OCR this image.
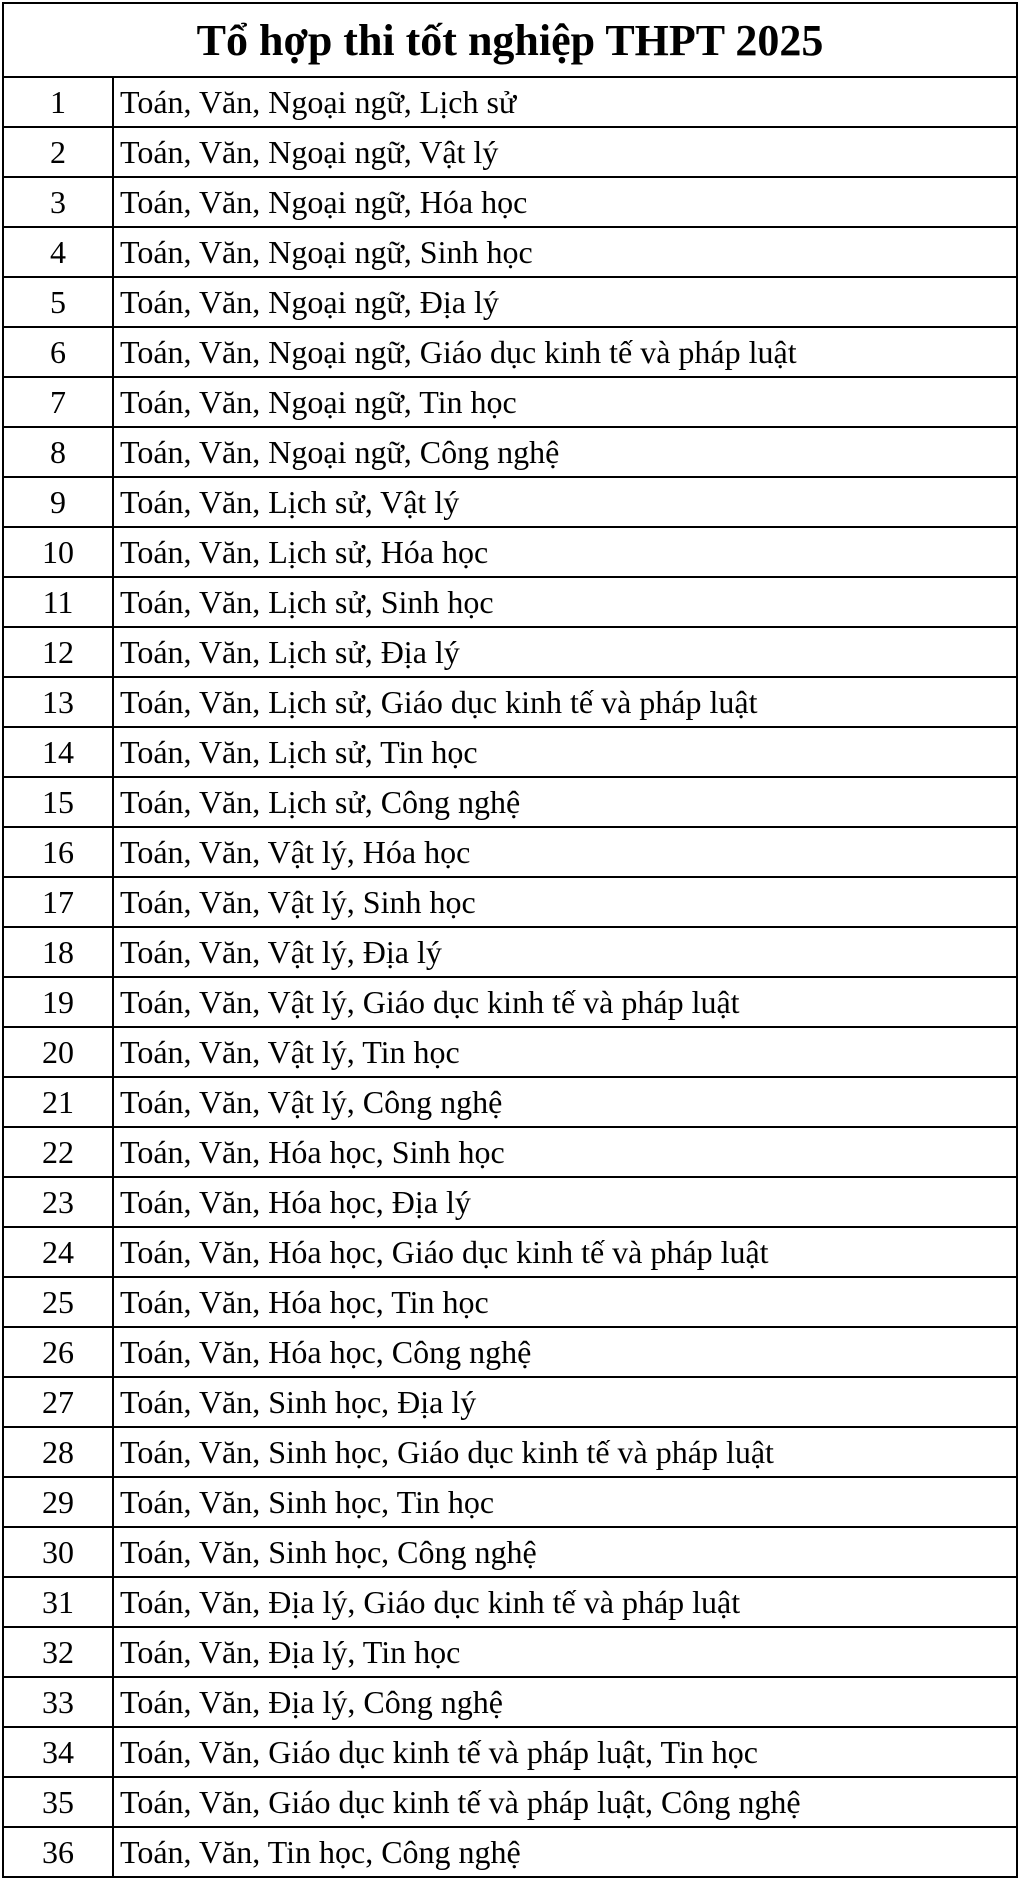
Tổ hợp thi tốt nghiệp THPT 2025	
1	Toán, Văn, Ngoại ngữ, Lịch sử
2	Toán, Văn, Ngoại ngữ, Vật lý
3	Toán, Văn, Ngoại ngữ, Hóa học
4	Toán, Văn, Ngoại ngữ, Sinh học
5	Toán, Văn, Ngoại ngữ, Địa lý
6	Toán, Văn, Ngoại ngữ, Giáo dục kinh tế và pháp luật
7	Toán, Văn, Ngoại ngữ, Tin học
8	Toán, Văn, Ngoại ngữ, Công nghệ
9	Toán, Văn, Lịch sử, Vật lý
10	Toán, Văn, Lịch sử, Hóa học
11	Toán, Văn, Lịch sử, Sinh học
12	Toán, Văn, Lịch sử, Địa lý
13	Toán, Văn, Lịch sử, Giáo dục kinh tế và pháp luật
14	Toán, Văn, Lịch sử, Tin học
15	Toán, Văn, Lịch sử, Công nghệ
16	Toán, Văn, Vật lý, Hóa học
17	Toán, Văn, Vật lý, Sinh học
18	Toán, Văn, Vật lý, Địa lý
19	Toán, Văn, Vật lý, Giáo dục kinh tế và pháp luật
20	Toán, Văn, Vật lý, Tin học
21	Toán, Văn, Vật lý, Công nghệ
22	Toán, Văn, Hóa học, Sinh học
23	Toán, Văn, Hóa học, Địa lý
24	Toán, Văn, Hóa học, Giáo dục kinh tế và pháp luật
25	Toán, Văn, Hóa học, Tin học
26	Toán, Văn, Hóa học, Công nghệ
27	Toán, Văn, Sinh học, Địa lý
28	Toán, Văn, Sinh học, Giáo dục kinh tế và pháp luật
29	Toán, Văn, Sinh học, Tin học
30	Toán, Văn, Sinh học, Công nghệ
31	Toán, Văn, Địa lý, Giáo dục kinh tế và pháp luật
32	Toán, Văn, Địa lý, Tin học
33	Toán, Văn, Địa lý, Công nghệ
34	Toán, Văn, Giáo dục kinh tế và pháp luật, Tin học
35	Toán, Văn, Giáo dục kinh tế và pháp luật, Công nghệ
36	Toán, Văn, Tin học, Công nghệ
